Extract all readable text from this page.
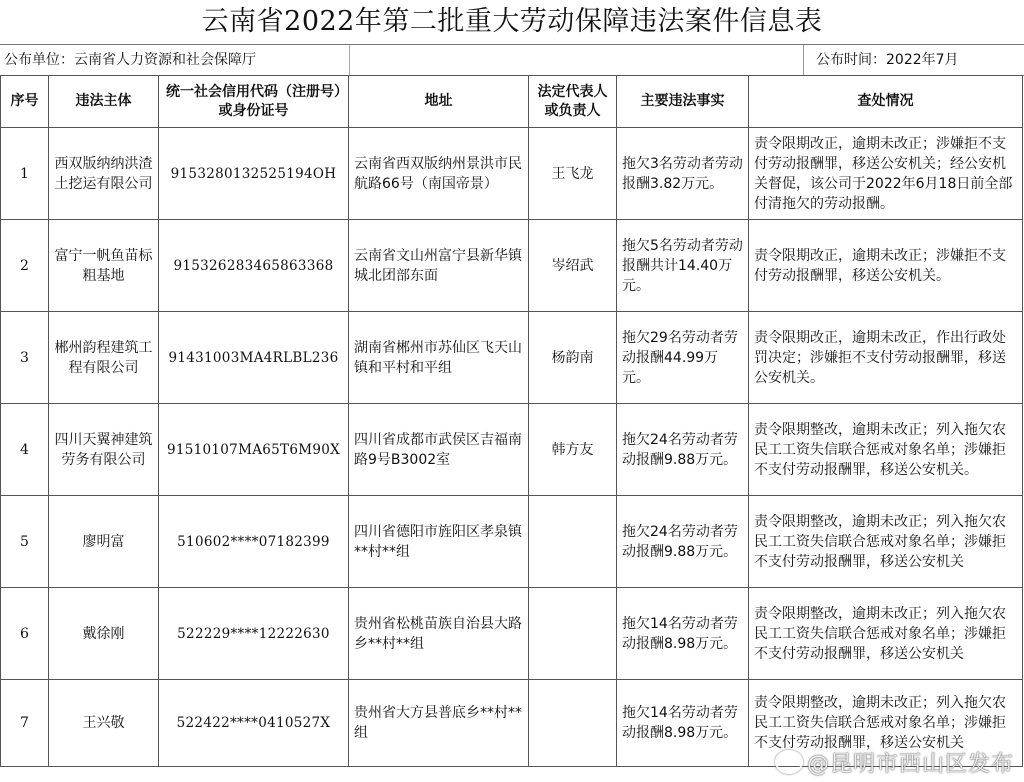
云南省2022年第二批重大劳动保障违法案件信息表
公布单位：云南省人力资源和社会保障厅	公布时间：2022年7月
序号	违法主体	统一社会信用代码（注册号）或身份证号	地址	法定代表人或负责人	主要违法事实	查处情况
1	西双版纳纳洪渣土挖运有限公司	9153280132525194OH	云南省西双版纳州景洪市民航路66号（南国帝景）	王飞龙	拖欠3名劳动者劳动报酬3.82万元。	责令限期改正，逾期未改正；涉嫌拒不支付劳动报酬罪，移送公安机关；经公安机关督促，该公司于2022年6月18日前全部付清拖欠的劳动报酬。
2	富宁一帆鱼苗标粗基地	91532628346586336​8	云南省文山州富宁县新华镇城北团部东面	岑绍武	拖欠5名劳动者劳动报酬共计14.40万元。	责令限期改正，逾期未改正；涉嫌拒不支付劳动报酬罪，移送公安机关。
3	郴州韵程建筑工程有限公司	91431003MA4RLBL236	湖南省郴州市苏仙区飞天山镇和平村和平组	杨韵南	拖欠29名劳动者劳动报酬44.99万元。	责令限期改正，逾期未改正，作出行政处罚决定；涉嫌拒不支付劳动报酬罪，移送公安机关。
4	四川天翼神建筑劳务有限公司	91510107MA65T6M90X	四川省成都市武侯区吉福南路9号B3002室	韩方友	拖欠24名劳动者劳动报酬9.88万元。	责令限期整改，逾期未改正；列入拖欠农民工工资失信联合惩戒对象名单；涉嫌拒不支付劳动报酬罪，移送公安机关。
5	廖明富	510602****07182399	四川省德阳市旌阳区孝泉镇**村**组		拖欠24名劳动者劳动报酬9.88万元。	责令限期整改，逾期未改正；列入拖欠农民工工资失信联合惩戒对象名单；涉嫌拒不支付劳动报酬罪，移送公安机关
6	戴徐刚	522229****12222630	贵州省松桃苗族自治县大路乡**村**组		拖欠14名劳动者劳动报酬8.98万元。	责令限期整改，逾期未改正；列入拖欠农民工工资失信联合惩戒对象名单；涉嫌拒不支付劳动报酬罪，移送公安机关
7	王兴敬	522422****0410527X	贵州省大方县普底乡**村**组		拖欠14名劳动者劳动报酬8.98万元。	责令限期整改，逾期未改正；列入拖欠农民工工资失信联合惩戒对象名单；涉嫌拒不支付劳动报酬罪，移送公安机关
@昆明市西山区发布
